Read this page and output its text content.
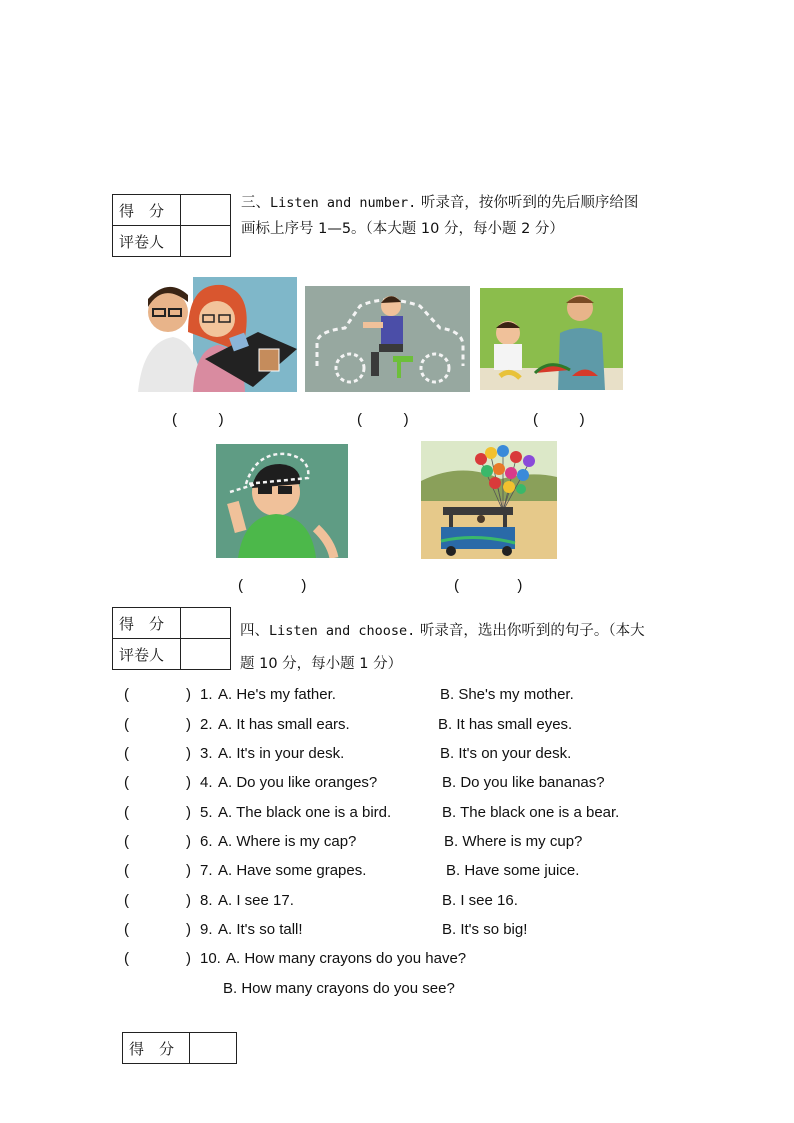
得　分	
评卷人	
三、Listen and number. 听录音，按你听到的先后顺序给图
画标上序号 1—5。（本大题 10 分，每小题 2 分）
(          )	(          )	(          )
(              )	(              )
得　分	
评卷人	
四、Listen and choose. 听录音，选出你听到的句子。（本大
题 10 分，每小题 1 分）
(	) 1. A. He's my father.	B. She's my mother.
(	) 2. A. It has small ears.	B. It has small eyes.
(	) 3. A. It's in your desk.	B. It's on your desk.
(	) 4. A. Do you like oranges?	B. Do you like bananas?
(	) 5. A. The black one is a bird.	B. The black one is a bear.
(	) 6. A. Where is my cap?	B. Where is my cup?
(	) 7. A. Have some grapes.	B. Have some juice.
(	) 8. A. I see 17.	B. I see 16.
(	) 9. A. It's so tall!	B. It's so big!
(	) 10. A. How many crayons do you have?
B. How many crayons do you see?
得　分	
